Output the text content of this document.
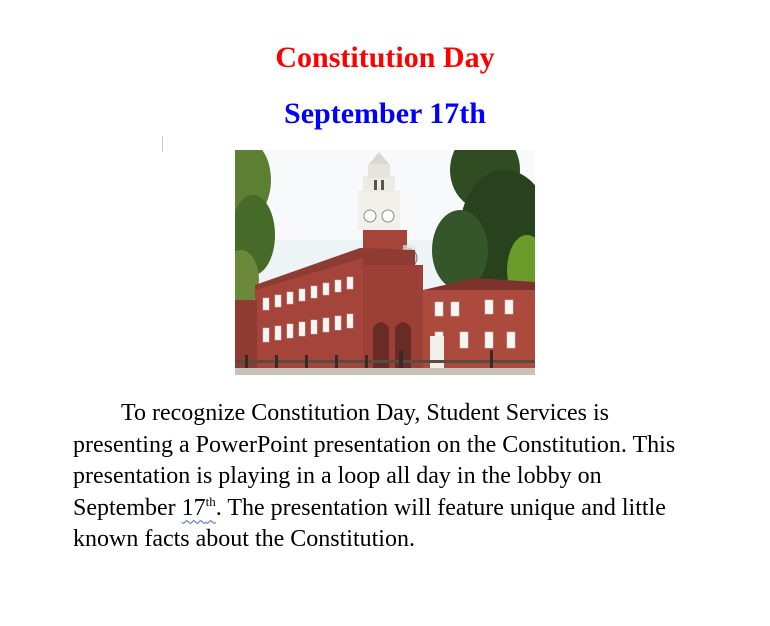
Constitution Day
September 17th

To recognize Constitution Day, Student Services is presenting a PowerPoint presentation on the Constitution. This presentation is playing in a loop all day in the lobby on September 17th. The presentation will feature unique and little known facts about the Constitution.
